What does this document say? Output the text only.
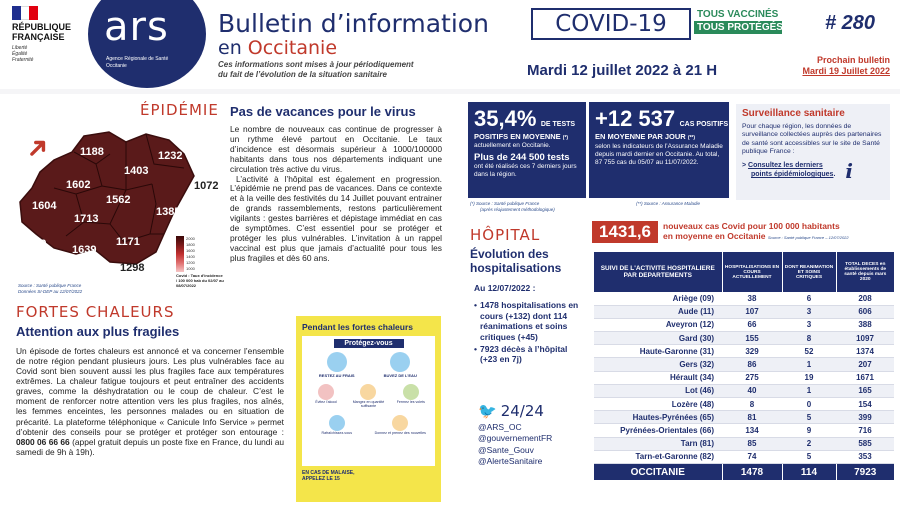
RÉPUBLIQUE
FRANÇAISE
Liberté
Égalité
Fraternité
ars
Agence Régionale de Santé
Occitanie
Bulletin d’information	COVID-19	TOUS VACCINÉS
TOUS PROTÉGÉS # 280
en Occitanie
Ces informations sont mises à jour périodiquement
du fait de l’évolution de la situation sanitaire	Mardi 12 juillet 2022 à 21 H
Prochain bulletin
Mardi 19 Juillet 2022
ÉPIDÉMIE Pas de vacances pour le virus
➜ 1188	1232
1403
1602	1072
1562
1604	1385
1713
1380 1639
1171
1298
2000
1800
1600
1400
1200
1000
Covid : Taux d'incidence / 100 000 hab du 02/07 au 08/07/2022
Source : Santé publique France
Données SI-DEP au 12/07/2022

Le nombre de nouveaux cas continue de progresser à un rythme élevé partout en Occitanie. Le taux d’incidence est désormais supérieur à 1000/100000 habitants dans tous nos départements indiquant une circulation très active du virus.

L’activité à l’hôpital est également en progression. L’épidémie ne prend pas de vacances. Dans ce contexte et à la veille des festivités du 14 Juillet pouvant entrainer de grands rassemblements, restons particulièrement vigilants : gestes barrières et dépistage immédiat en cas de symptômes. C’est essentiel pour se protéger et protéger les plus vulnérables. L’invitation à un rappel vaccinal est plus que jamais d’actualité pour tous les plus fragiles et dès 60 ans.

FORTES CHALEURS
Attention aux plus fragiles
Un épisode de fortes chaleurs est annoncé et va concerner l’ensemble de notre région pendant plusieurs jours. Les plus vulnérables face au Covid sont bien souvent aussi les plus fragiles face aux températures extrêmes. La chaleur fatigue toujours et peut entraîner des accidents graves, comme la déshydratation ou le coup de chaleur. C’est le moment de renforcer notre attention vers les plus fragiles, nos aînés, les femmes enceintes, les personnes malades ou en situation de précarité. La plateforme téléphonique « Canicule Info Service » permet d’obtenir des conseils pour se protéger et protéger son entourage : 0800 06 66 66 (appel gratuit depuis un poste fixe en France, du lundi au samedi de 9h à 19h).
Pendant les fortes chaleurs
Protégez-vous
RESTEZ AU FRAIS	BUVEZ DE L'EAU
Évitez l'alcool	Mangez en quantité suffisante
Fermez les volets
Rafraîchissez-vous	Donnez et prenez des nouvelles
EN CAS DE MALAISE,
APPELEZ LE 15
35,4% DE TESTS
POSITIFS EN MOYENNE (*)
actuellement en Occitanie.
Plus de 244 500 tests
ont été réalisés ces 7 derniers jours dans la région.
+12 537 CAS POSITIFS
EN MOYENNE PAR JOUR (**)
selon les indicateurs de l’Assurance Maladie depuis mardi dernier en Occitanie. Au total, 87 755 cas du 05/07 au 11/07/2022.
(*) Source : Santé publique France	(**) Source : Assurance Maladie
(après réajustement méthodologique)
Surveillance sanitaire
Pour chaque région, les données de surveillance collectées auprès des partenaires de santé sont accessibles sur le site de Santé publique France :
> Consultez les derniers
points épidémiologiques. i
HÔPITAL	1431,6	nouveaux cas Covid pour 100 000 habitants
en moyenne en Occitanie Source : Santé publique France – 12/07/2022
Évolution des
hospitalisations
Au 12/07/2022 :
• 1478 hospitalisations en cours (+132) dont 114 réanimations et soins critiques (+45)
• 7923 décès à l’hôpital (+23 en 7j)
🐦 24/24
@ARS_OC
@gouvernementFR
@Sante_Gouv
@AlerteSanitaire
SUIVI DE L'ACTIVITE HOSPITALIERE PAR DEPARTEMENTS	HOSPITALISATIONS EN COURS ACTUELLEMENT	DONT REANIMATION ET SOINS CRITIQUES	TOTAL DECES en établissements de santé depuis mars 2020
Ariège (09)	38	6	208
Aude (11)	107	3	606
Aveyron (12)	66	3	388
Gard (30)	155	8	1097
Haute-Garonne (31)	329	52	1374
Gers (32)	86	1	207
Hérault (34)	275	19	1671
Lot (46)	40	1	165
Lozère (48)	8	0	154
Hautes-Pyrénées (65)	81	5	399
Pyrénées-Orientales (66)	134	9	716
Tarn (81)	85	2	585
Tarn-et-Garonne (82)	74	5	353
OCCITANIE	1478	114	7923
